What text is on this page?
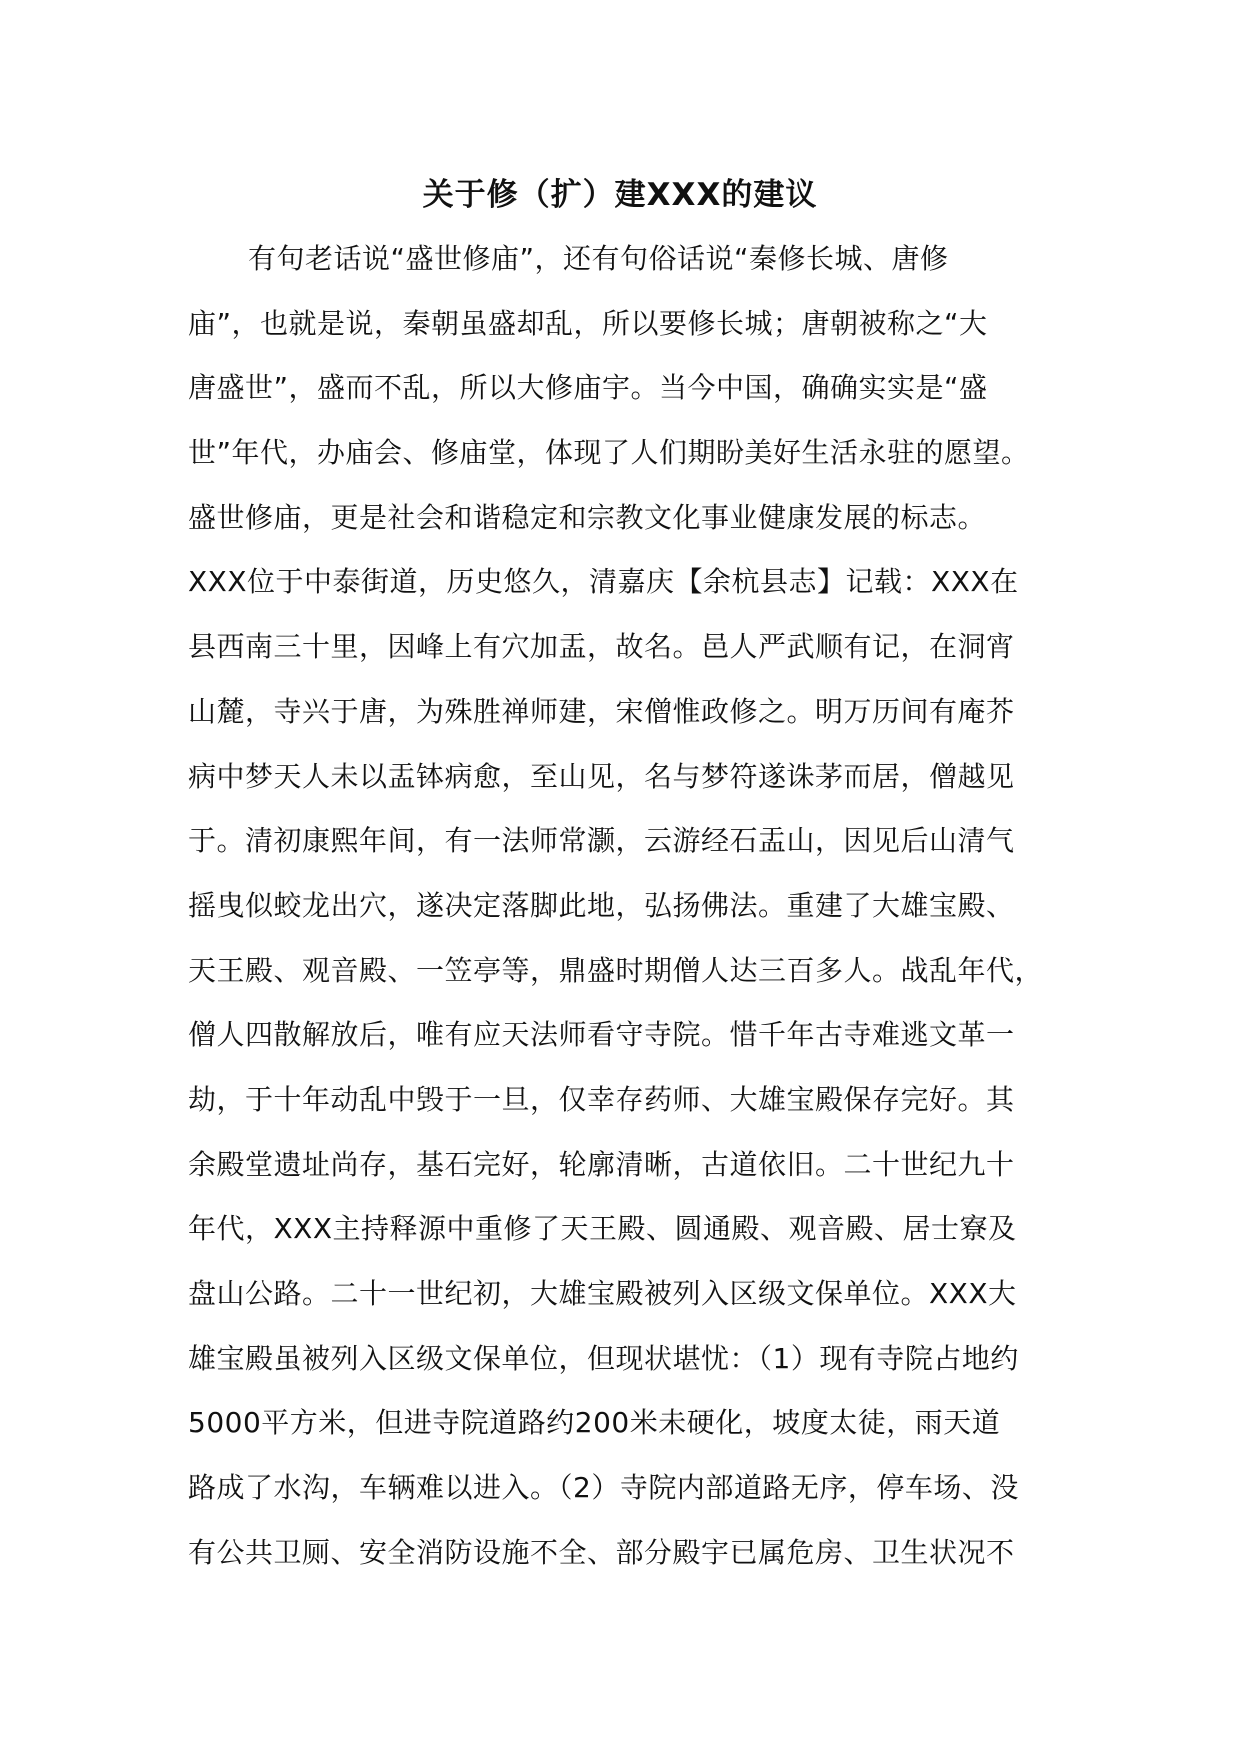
关于修（扩）建XXX的建议
有句老话说“盛世修庙”，还有句俗话说“秦修长城、唐修
庙”，也就是说，秦朝虽盛却乱，所以要修长城；唐朝被称之“大
唐盛世”，盛而不乱，所以大修庙宇。当今中国，确确实实是“盛
世”年代，办庙会、修庙堂，体现了人们期盼美好生活永驻的愿望。
盛世修庙，更是社会和谐稳定和宗教文化事业健康发展的标志。
XXX位于中泰街道，历史悠久，清嘉庆【余杭县志】记载：XXX在
县西南三十里，因峰上有穴加盂，故名。邑人严武顺有记，在洞宵
山麓，寺兴于唐，为殊胜禅师建，宋僧惟政修之。明万历间有庵芥
病中梦天人未以盂钵病愈，至山见，名与梦符遂诛茅而居，僧越见
于。清初康熙年间，有一法师常灏，云游经石盂山，因见后山清气
摇曳似蛟龙出穴，遂决定落脚此地，弘扬佛法。重建了大雄宝殿、
天王殿、观音殿、一笠亭等，鼎盛时期僧人达三百多人。战乱年代，
僧人四散解放后，唯有应天法师看守寺院。惜千年古寺难逃文革一
劫，于十年动乱中毁于一旦，仅幸存药师、大雄宝殿保存完好。其
余殿堂遗址尚存，基石完好，轮廓清晰，古道依旧。二十世纪九十
年代，XXX主持释源中重修了天王殿、圆通殿、观音殿、居士寮及
盘山公路。二十一世纪初，大雄宝殿被列入区级文保单位。XXX大
雄宝殿虽被列入区级文保单位，但现状堪忧：（1）现有寺院占地约
5000平方米，但进寺院道路约200米未硬化，坡度太徒，雨天道
路成了水沟，车辆难以进入。（2）寺院内部道路无序，停车场、没
有公共卫厕、安全消防设施不全、部分殿宇已属危房、卫生状况不
